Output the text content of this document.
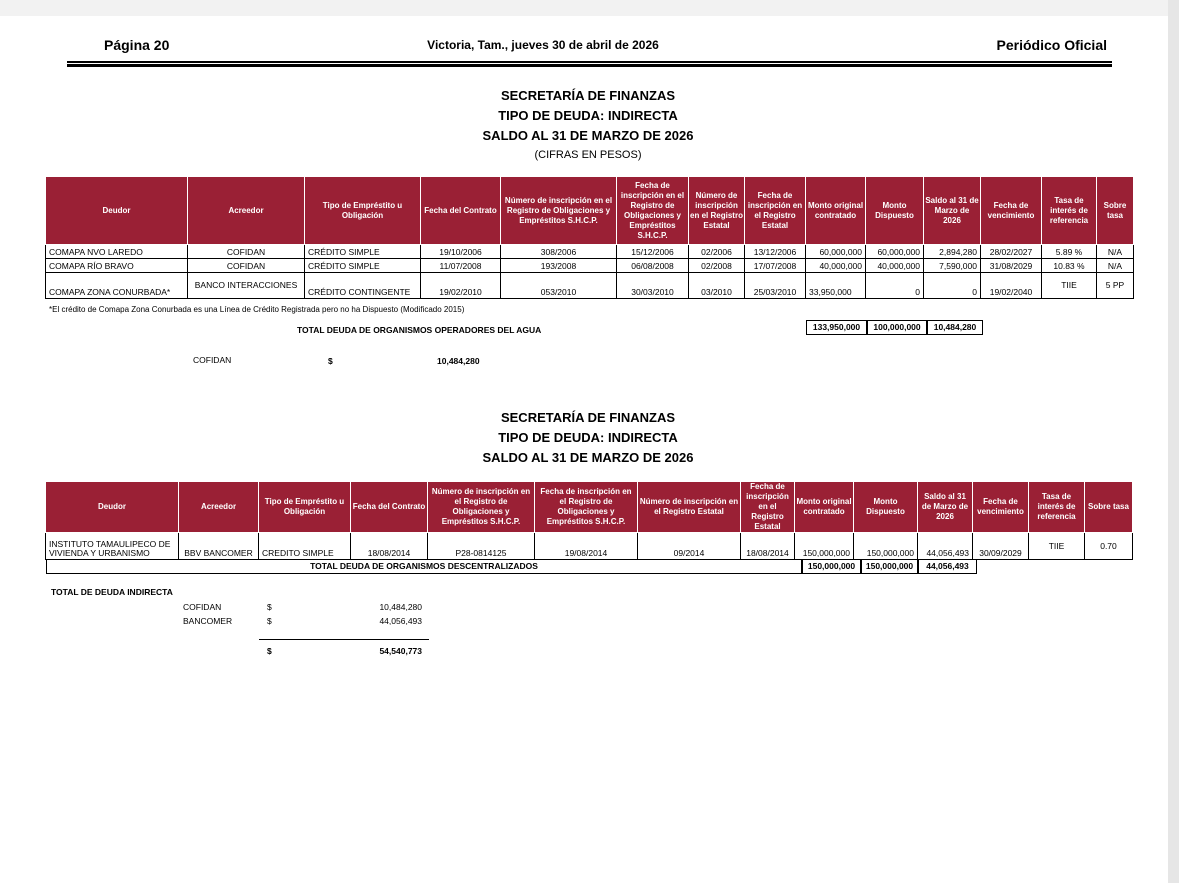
Página 20	Victoria, Tam., jueves 30 de abril de 2026	Periódico Oficial
SECRETARÍA DE FINANZAS
TIPO DE DEUDA: INDIRECTA
SALDO AL 31 DE MARZO DE 2026
(CIFRAS EN PESOS)
Deudor	Acreedor	Tipo de Empréstito u Obligación	Fecha del Contrato	Número de inscripción en el Registro de Obligaciones y Empréstitos S.H.C.P.	Fecha de inscripción en el Registro de Obligaciones y Empréstitos S.H.C.P.	Número de inscripción en el Registro Estatal	Fecha de inscripción en el Registro Estatal	Monto original contratado	Monto Dispuesto	Saldo al 31 de Marzo de 2026	Fecha de vencimiento	Tasa de interés de referencia	Sobre tasa
COMAPA NVO LAREDO	COFIDAN	CRÉDITO SIMPLE	19/10/2006	308/2006	15/12/2006	02/2006	13/12/2006	60,000,000	60,000,000	2,894,280	28/02/2027	5.89 %	N/A
COMAPA RÍO BRAVO	COFIDAN	CRÉDITO SIMPLE	11/07/2008	193/2008	06/08/2008	02/2008	17/07/2008	40,000,000	40,000,000	7,590,000	31/08/2029	10.83 %	N/A
COMAPA ZONA CONURBADA*	BANCO INTERACCIONES	CRÉDITO CONTINGENTE	19/02/2010	053/2010	30/03/2010	03/2010	25/03/2010	33,950,000	0	0	19/02/2040	TIIE	5 PP
*El crédito de Comapa Zona Conurbada es una Línea de Crédito Registrada pero no ha Dispuesto (Modificado 2015)
TOTAL DEUDA DE ORGANISMOS OPERADORES DEL AGUA	133,950,000	100,000,000	10,484,280
COFIDAN	$	10,484,280
SECRETARÍA DE FINANZAS
TIPO DE DEUDA: INDIRECTA
SALDO AL 31 DE MARZO DE 2026
Deudor	Acreedor	Tipo de Empréstito u Obligación	Fecha del Contrato	Número de inscripción en el Registro de Obligaciones y Empréstitos S.H.C.P.	Fecha de inscripción en el Registro de Obligaciones y Empréstitos S.H.C.P.	Número de inscripción en el Registro Estatal	Fecha de inscripción en el Registro Estatal	Monto original contratado	Monto Dispuesto	Saldo al 31 de Marzo de 2026	Fecha de vencimiento	Tasa de interés de referencia	Sobre tasa
INSTITUTO TAMAULIPECO DE VIVIENDA Y URBANISMO	BBV BANCOMER	CREDITO SIMPLE	18/08/2014	P28-0814125	19/08/2014	09/2014	18/08/2014	150,000,000	150,000,000	44,056,493	30/09/2029	TIIE	0.70
TOTAL DEUDA DE ORGANISMOS DESCENTRALIZADOS	150,000,000	150,000,000	44,056,493
TOTAL DE DEUDA INDIRECTA
COFIDAN	$	10,484,280
BANCOMER	$	44,056,493
$	54,540,773
